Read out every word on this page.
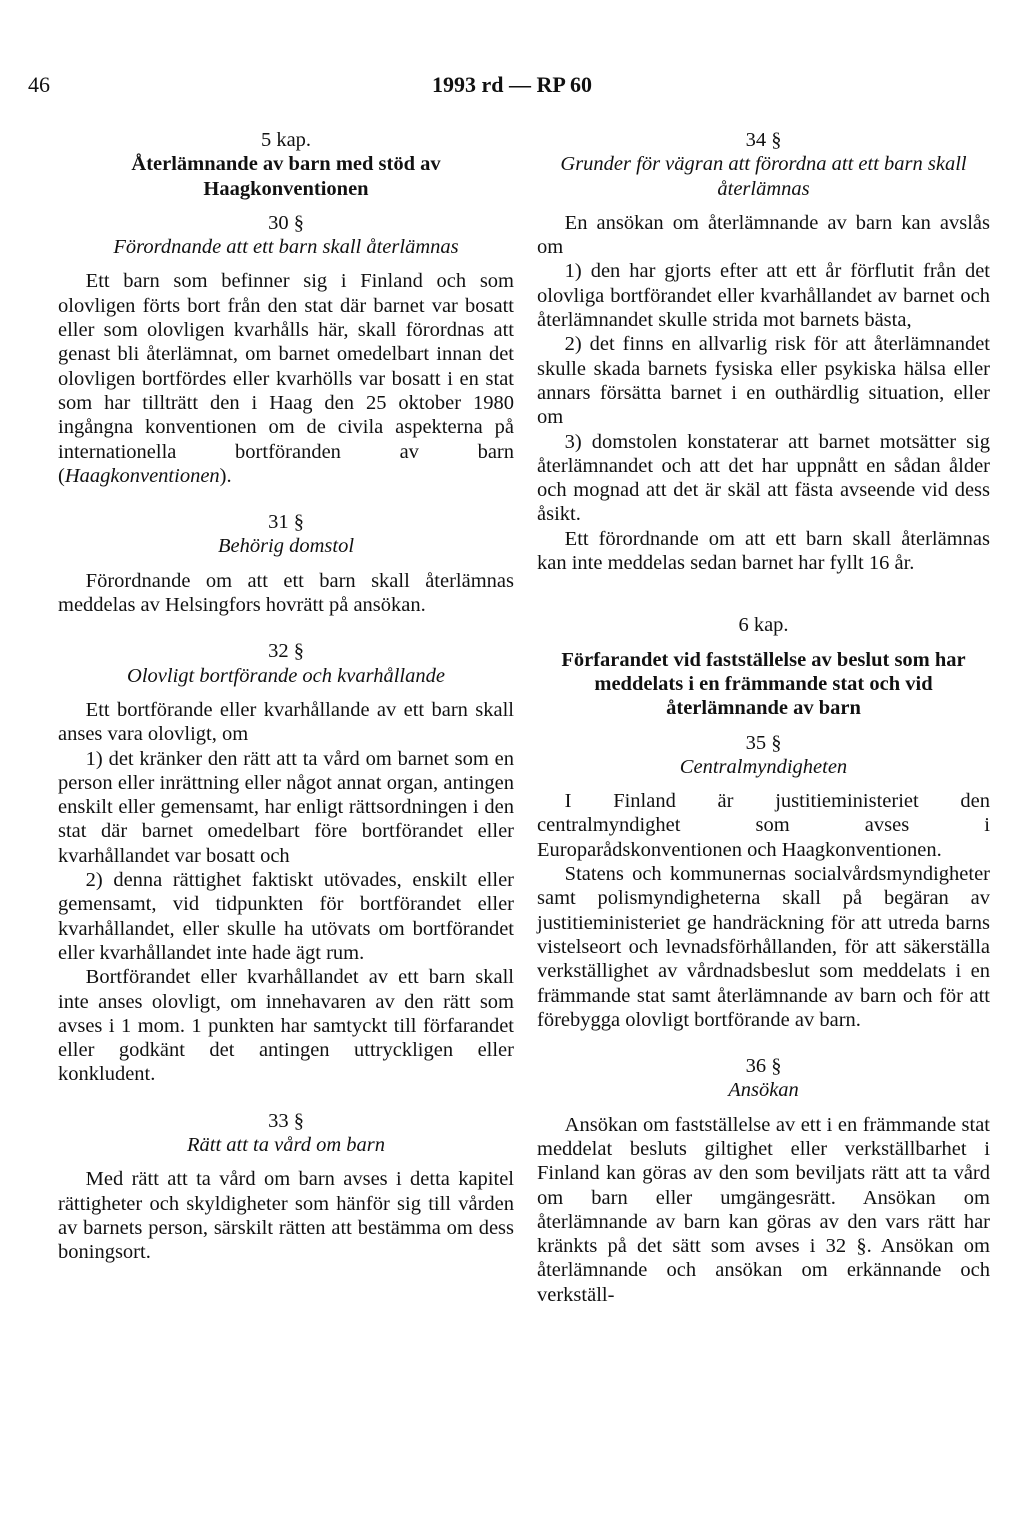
46	1993 rd — RP 60
5 kap.
Återlämnande av barn med stöd av
Haagkonventionen
30 §
Förordnande att ett barn skall återlämnas

Ett barn som befinner sig i Finland och som olovligen förts bort från den stat där barnet var bosatt eller som olovligen kvarhålls här, skall förordnas att genast bli återlämnat, om barnet omedelbart innan det olovligen bortfördes eller kvarhölls var bosatt i en stat som har tillträtt den i Haag den 25 oktober 1980 ingångna konventionen om de civila aspekterna på internationella bortföranden av barn (Haagkonventionen).

31 §
Behörig domstol

Förordnande om att ett barn skall återlämnas meddelas av Helsingfors hovrätt på ansökan.

32 §
Olovligt bortförande och kvarhållande

Ett bortförande eller kvarhållande av ett barn skall anses vara olovligt, om

1) det kränker den rätt att ta vård om barnet som en person eller inrättning eller något annat organ, antingen enskilt eller gemensamt, har enligt rättsordningen i den stat där barnet omedelbart före bortförandet eller kvarhållandet var bosatt och

2) denna rättighet faktiskt utövades, enskilt eller gemensamt, vid tidpunkten för bortförandet eller kvarhållandet, eller skulle ha utövats om bortförandet eller kvarhållandet inte hade ägt rum.

Bortförandet eller kvarhållandet av ett barn skall inte anses olovligt, om innehavaren av den rätt som avses i 1 mom. 1 punkten har samtyckt till förfarandet eller godkänt det antingen uttryckligen eller konkludent.

33 §
Rätt att ta vård om barn

Med rätt att ta vård om barn avses i detta kapitel rättigheter och skyldigheter som hänför sig till vården av barnets person, särskilt rätten att bestämma om dess boningsort.

34 §
Grunder för vägran att förordna att ett barn skall återlämnas

En ansökan om återlämnande av barn kan avslås om

1) den har gjorts efter att ett år förflutit från det olovliga bortförandet eller kvarhållandet av barnet och återlämnandet skulle strida mot barnets bästa,

2) det finns en allvarlig risk för att återlämnandet skulle skada barnets fysiska eller psykiska hälsa eller annars försätta barnet i en outhärdlig situation, eller om

3) domstolen konstaterar att barnet motsätter sig återlämnandet och att det har uppnått en sådan ålder och mognad att det är skäl att fästa avseende vid dess åsikt.

Ett förordnande om att ett barn skall återlämnas kan inte meddelas sedan barnet har fyllt 16 år.

6 kap.
Förfarandet vid fastställelse av beslut som har meddelats i en främmande stat och vid återlämnande av barn
35 §
Centralmyndigheten

I Finland är justitieministeriet den centralmyndighet som avses i Europarådskonventionen och Haagkonventionen.

Statens och kommunernas socialvårdsmyndigheter samt polismyndigheterna skall på begäran av justitieministeriet ge handräckning för att utreda barns vistelseort och levnadsförhållanden, för att säkerställa verkställighet av vårdnadsbeslut som meddelats i en främmande stat samt återlämnande av barn och för att förebygga olovligt bortförande av barn.

36 §
Ansökan

Ansökan om fastställelse av ett i en främmande stat meddelat besluts giltighet eller verkställbarhet i Finland kan göras av den som beviljats rätt att ta vård om barn eller umgängesrätt. Ansökan om återlämnande av barn kan göras av den vars rätt har kränkts på det sätt som avses i 32 §. Ansökan om återlämnande och ansökan om erkännande och verkställ-
